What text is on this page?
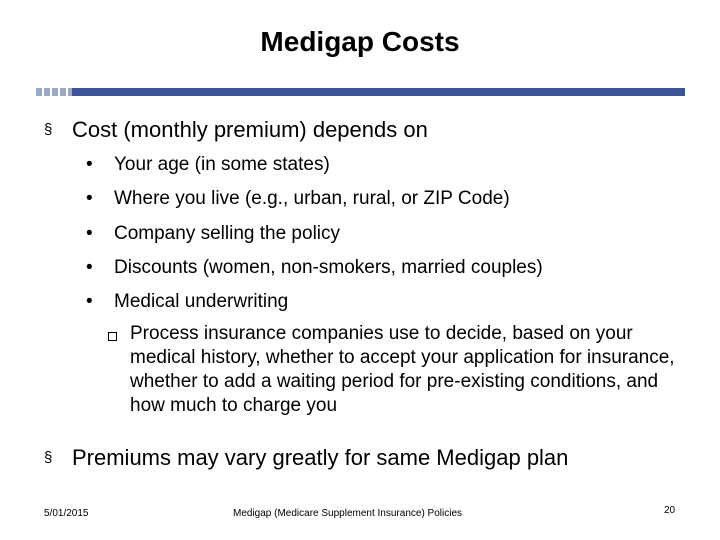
Medigap Costs
§ Cost (monthly premium) depends on
•	Your age (in some states)
•	Where you live (e.g., urban, rural, or ZIP Code)
•	Company selling the policy
•	Discounts (women, non-smokers, married couples)
•	Medical underwriting
Process insurance companies use to decide, based on your medical history, whether to accept your application for insurance, whether to add a waiting period for pre-existing conditions, and how much to charge you
§ Premiums may vary greatly for same Medigap plan
5/01/2015	Medigap (Medicare Supplement Insurance) Policies	20
